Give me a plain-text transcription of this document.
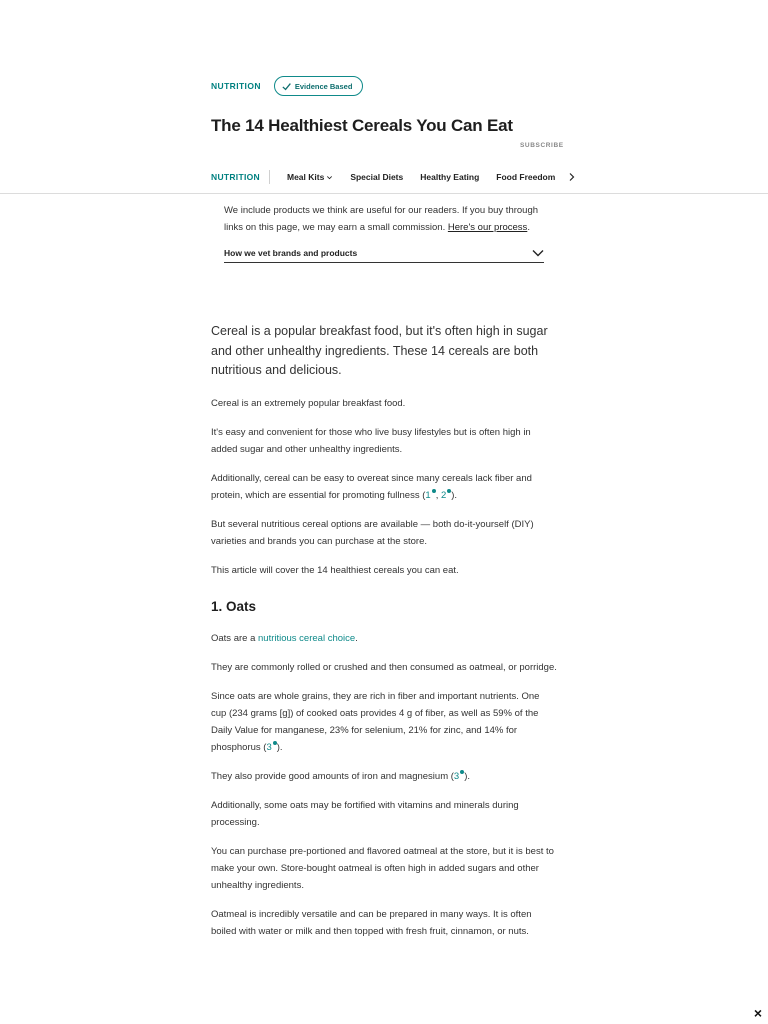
NUTRITION	Evidence Based
The 14 Healthiest Cereals You Can Eat
SUBSCRIBE
NUTRITION	Meal Kits	Special Diets Healthy Eating Food Freedom

We include products we think are useful for our readers. If you buy through links on this page, we may earn a small commission. Here's our process.

How we vet brands and products

Cereal is a popular breakfast food, but it's often high in sugar and other unhealthy ingredients. These 14 cereals are both nutritious and delicious.

Cereal is an extremely popular breakfast food.

It's easy and convenient for those who live busy lifestyles but is often high in added sugar and other unhealthy ingredients.

Additionally, cereal can be easy to overeat since many cereals lack fiber and protein, which are essential for promoting fullness (1 , 2 ).

But several nutritious cereal options are available — both do-it-yourself (DIY) varieties and brands you can purchase at the store.

This article will cover the 14 healthiest cereals you can eat.

1. Oats

Oats are a nutritious cereal choice.

They are commonly rolled or crushed and then consumed as oatmeal, or porridge.

Since oats are whole grains, they are rich in fiber and important nutrients. One cup (234 grams [g]) of cooked oats provides 4 g of fiber, as well as 59% of the Daily Value for manganese, 23% for selenium, 21% for zinc, and 14% for phosphorus (3 ).

They also provide good amounts of iron and magnesium (3 ).

Additionally, some oats may be fortified with vitamins and minerals during processing.

You can purchase pre-portioned and flavored oatmeal at the store, but it is best to make your own. Store-bought oatmeal is often high in added sugars and other unhealthy ingredients.

Oatmeal is incredibly versatile and can be prepared in many ways. It is often boiled with water or milk and then topped with fresh fruit, cinnamon, or nuts.

×
